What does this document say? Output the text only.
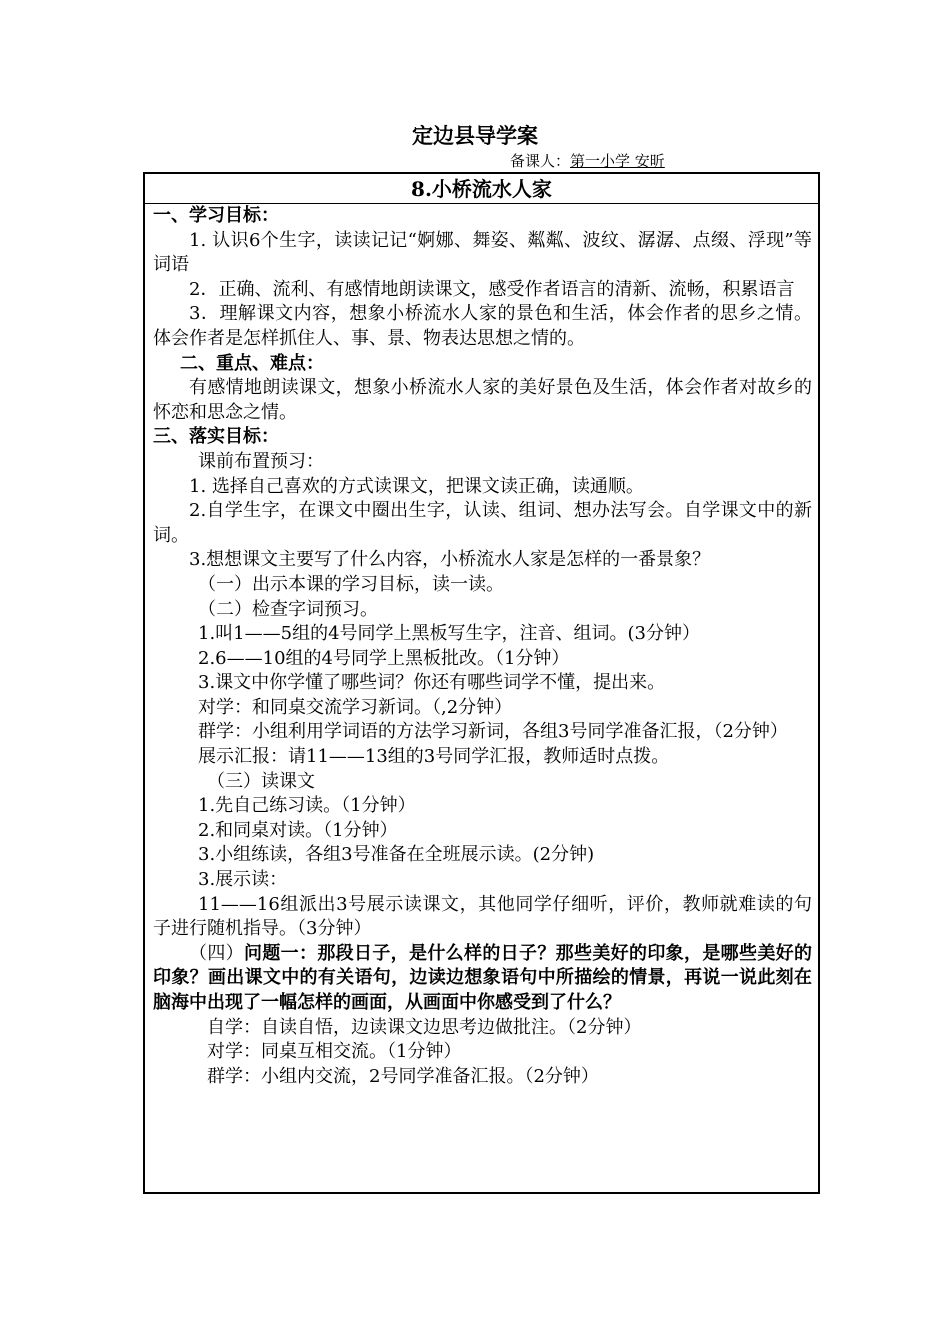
定边县导学案
备课人：第一小学 安昕
8.小桥流水人家

一、学习目标：

1. 认识6个生字，读读记记“婀娜、舞姿、粼粼、波纹、潺潺、点缀、浮现”等词语

2．正确、流利、有感情地朗读课文，感受作者语言的清新、流畅，积累语言

3．理解课文内容，想象小桥流水人家的景色和生活，体会作者的思乡之情。体会作者是怎样抓住人、事、景、物表达思想之情的。

二、重点、难点：

有感情地朗读课文，想象小桥流水人家的美好景色及生活，体会作者对故乡的怀恋和思念之情。

三、落实目标：

课前布置预习：

1. 选择自己喜欢的方式读课文，把课文读正确，读通顺。

2.自学生字，在课文中圈出生字，认读、组词、想办法写会。自学课文中的新词。

3.想想课文主要写了什么内容，小桥流水人家是怎样的一番景象？

（一）出示本课的学习目标，读一读。

（二）检查字词预习。

1.叫1——5组的4号同学上黑板写生字，注音、组词。(3分钟）

2.6——10组的4号同学上黑板批改。（1分钟）

3.课文中你学懂了哪些词？你还有哪些词学不懂，提出来。

对学：和同桌交流学习新词。（,2分钟）

群学：小组利用学词语的方法学习新词，各组3号同学准备汇报，（2分钟）

展示汇报：请11——13组的3号同学汇报，教师适时点拨。

（三）读课文

1.先自己练习读。（1分钟）

2.和同桌对读。（1分钟）

3.小组练读，各组3号准备在全班展示读。(2分钟)

3.展示读：

11——16组派出3号展示读课文，其他同学仔细听，评价，教师就难读的句子进行随机指导。（3分钟）

（四）问题一：那段日子，是什么样的日子？那些美好的印象，是哪些美好的印象？画出课文中的有关语句，边读边想象语句中所描绘的情景，再说一说此刻在脑海中出现了一幅怎样的画面，从画面中你感受到了什么？

自学：自读自悟，边读课文边思考边做批注。（2分钟）

对学：同桌互相交流。（1分钟）

群学：小组内交流，2号同学准备汇报。（2分钟）
